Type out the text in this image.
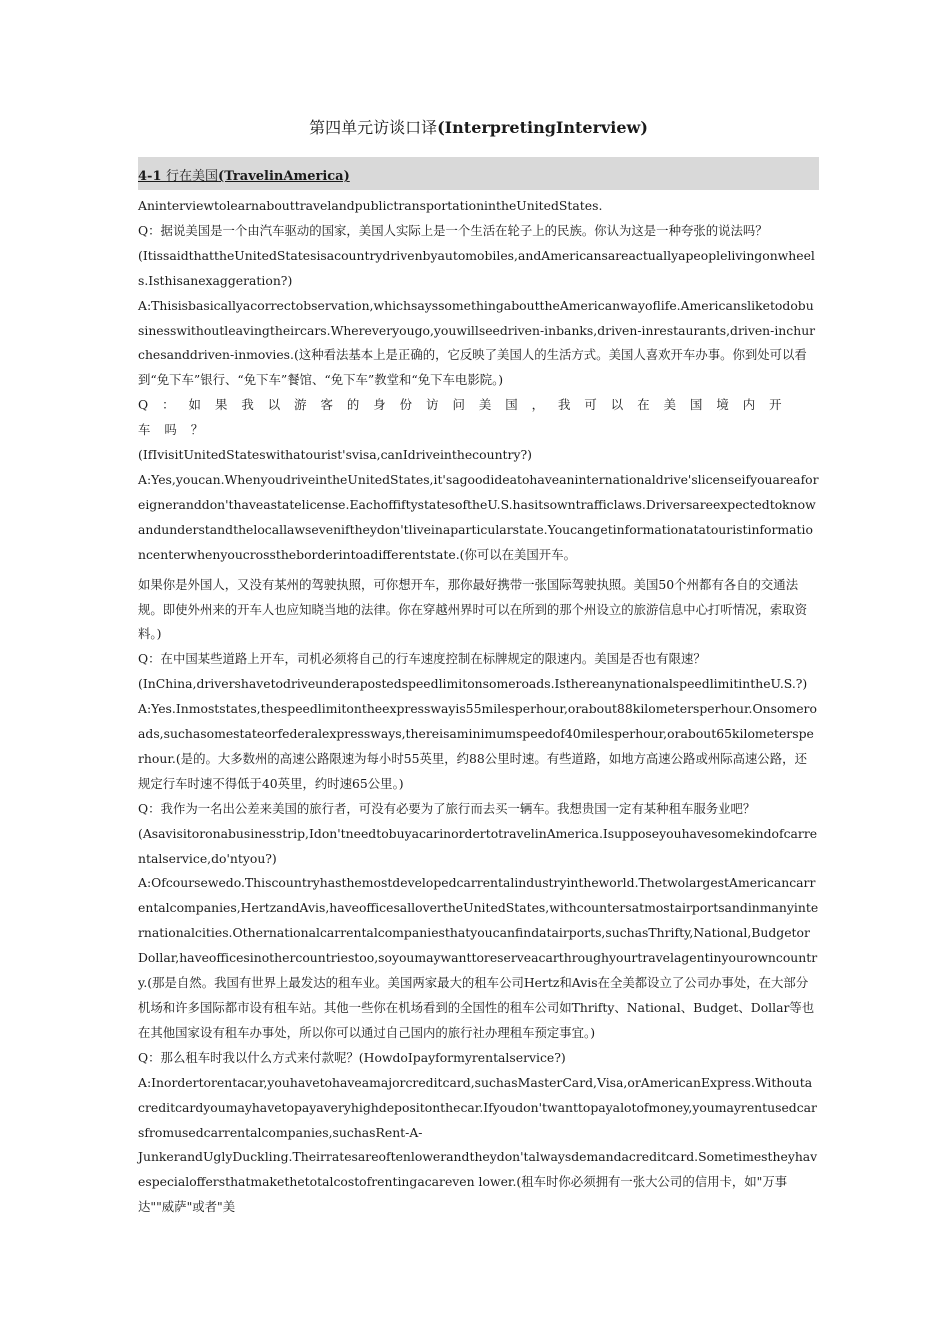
第四单元访谈口译(InterpretingInterview)
4-1 行在美国(TravelinAmerica)

AninterviewtolearnabouttravelandpublictransportationintheUnitedStates.

Q：据说美国是一个由汽车驱动的国家，美国人实际上是一个生活在轮子上的民族。你认为这是一种夸张的说法吗？

(ItissaidthattheUnitedStatesisacountrydrivenbyautomobiles,andAmericansareactuallyapeoplelivingonwheels.Isthisanexaggeration?)

A:Thisisbasicallyacorrectobservation,whichsayssomethingabouttheAmericanwayoflife.Americansliketodobusinesswithoutleavingtheircars.Whereveryougo,youwillseedriven-inbanks,driven-inrestaurants,driven-inchurchesanddriven-inmovies.(这种看法基本上是正确的，它反映了美国人的生活方式。美国人喜欢开车办事。你到处可以看到“免下车”银行、“免下车”餐馆、“免下车”教堂和“免下车电影院。)

Q：如果我以游客的身份访问美国，我可以在美国境内开车吗？

(IfIvisitUnitedStateswithatourist'svisa,canIdriveinthecountry?)

A:Yes,youcan.WhenyoudriveintheUnitedStates,it'sagoodideatohaveaninternationaldrive'slicenseifyouareaforeigneranddon'thaveastatelicense.EachoffiftystatesoftheU.S.hasitsowntrafficlaws.Driversareexpectedtoknowandunderstandthelocallawseveniftheydon'tliveinaparticularstate.Youcangetinformationatatouristinformationcenterwhenyoucrosstheborderintoadifferentstate.(你可以在美国开车。

如果你是外国人，又没有某州的驾驶执照，可你想开车，那你最好携带一张国际驾驶执照。美国50个州都有各自的交通法规。即使外州来的开车人也应知晓当地的法律。你在穿越州界时可以在所到的那个州设立的旅游信息中心打听情况，索取资料。)

Q：在中国某些道路上开车，司机必须将自己的行车速度控制在标牌规定的限速内。美国是否也有限速？

(InChina,drivershavetodriveunderapostedspeedlimitonsomeroads.IsthereanynationalspeedlimitintheU.S.?)

A:Yes.Inmoststates,thespeedlimitontheexpresswayis55milesperhour,orabout88kilometersperhour.Onsomeroads,suchasomestateorfederalexpressways,thereisaminimumspeedof40milesperhour,orabout65kilometersperhour.(是的。大多数州的高速公路限速为每小时55英里，约88公里时速。有些道路，如地方高速公路或州际高速公路，还规定行车时速不得低于40英里，约时速65公里。)

Q：我作为一名出公差来美国的旅行者，可没有必要为了旅行而去买一辆车。我想贵国一定有某种租车服务业吧？

(Asavisitoronabusinesstrip,Idon'tneedtobuyacarinordertotravelinAmerica.Isupposeyouhavesomekindofcarrentalservice,do'ntyou?)

A:Ofcoursewedo.Thiscountryhasthemostdevelopedcarrentalindustryintheworld.ThetwolargestAmericancarrentalcompanies,HertzandAvis,haveofficesallovertheUnitedStates,withcountersatmostairportsandinmanyinternationalcities.Othernationalcarrentalcompaniesthatyoucanfindatairports,suchasThrifty,National,BudgetorDollar,haveofficesinothercountriestoo,soyoumaywanttoreserveacarthroughyourtravelagentinyourowncountry.(那是自然。我国有世界上最发达的租车业。美国两家最大的租车公司Hertz和Avis在全美都设立了公司办事处，在大部分机场和许多国际都市设有租车站。其他一些你在机场看到的全国性的租车公司如Thrifty、National、Budget、Dollar等也在其他国家设有租车办事处，所以你可以通过自己国内的旅行社办理租车预定事宜。)

Q：那么租车时我以什么方式来付款呢？(HowdoIpayformyrentalservice?)

A:Inordertorentacar,youhavetohaveamajorcreditcard,suchasMasterCard,Visa,orAmericanExpress.Withoutacreditcardyoumayhavetopayaveryhighdepositonthecar.Ifyoudon'twanttopayalotofmoney,youmayrentusedcarsfromusedcarrentalcompanies,suchasRent-A-

JunkerandUglyDuckling.Theirratesareoftenlowerandtheydon'talwaysdemandacreditcard.Sometimestheyhavespecialoffersthatmakethetotalcostofrentingacareven lower.(租车时你必须拥有一张大公司的信用卡，如"万事达""威萨"或者"美
